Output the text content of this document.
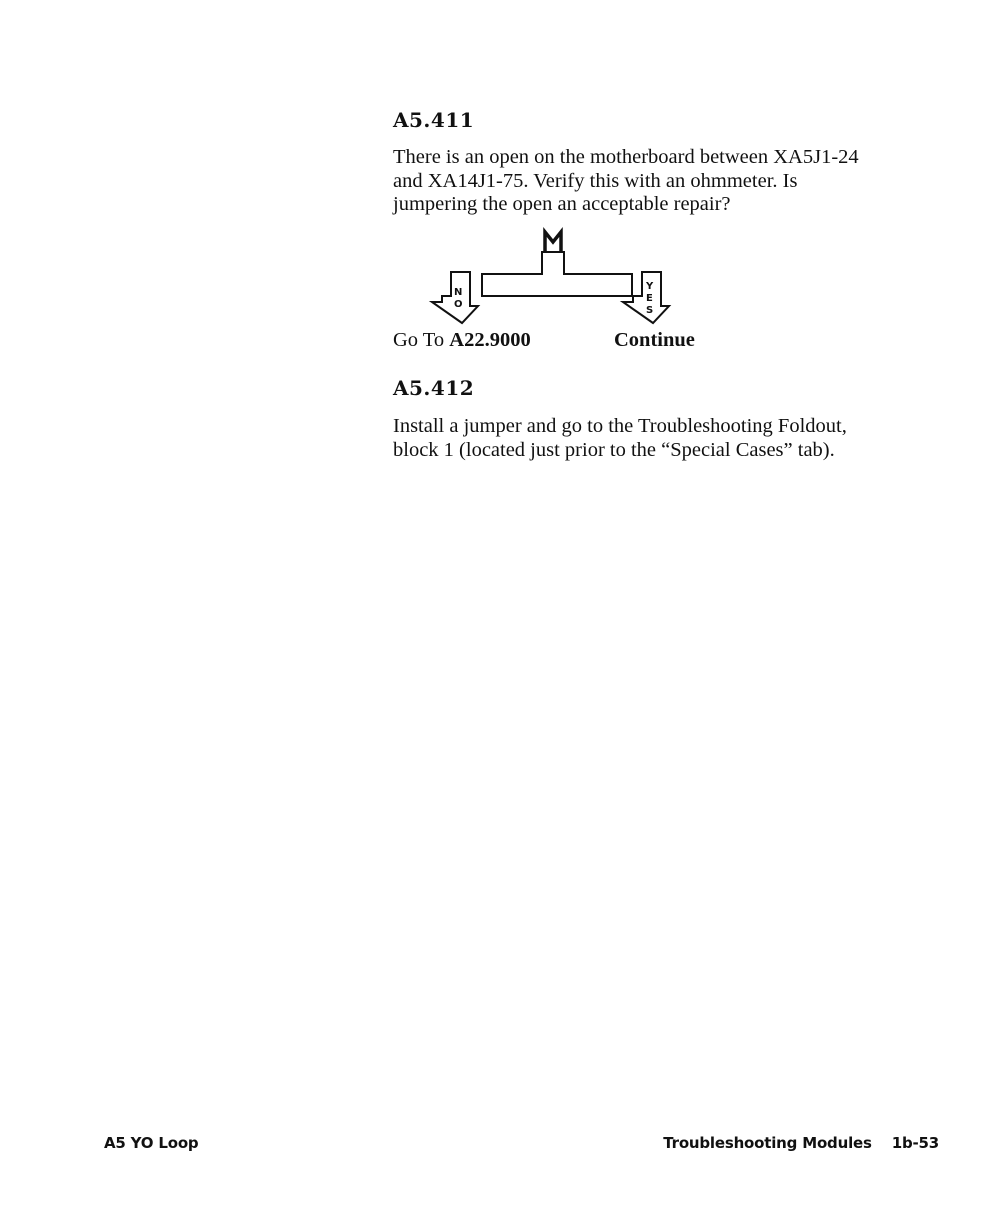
A5.411

There is an open on the motherboard between XA5J1-24
and XA14J1-75. Verify this with an ohmmeter. Is
jumpering the open an acceptable repair?

N
O
Y
E
S
Go To A22.9000	Continue
A5.412

Install a jumper and go to the Troubleshooting Foldout,
block 1 (located just prior to the “Special Cases” tab).

A5 YO Loop	Troubleshooting Modules 1b-53
